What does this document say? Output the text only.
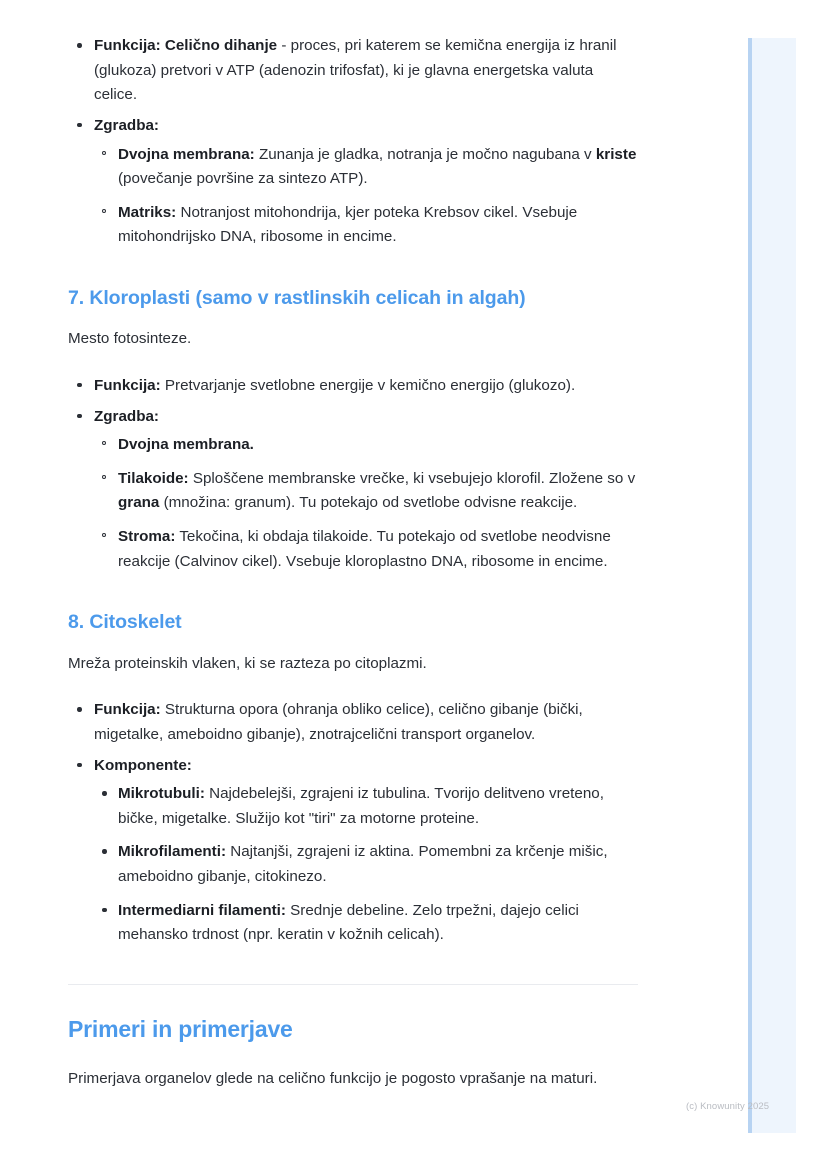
Funkcija: Celično dihanje - proces, pri katerem se kemična energija iz hranil (glukoza) pretvori v ATP (adenozin trifosfat), ki je glavna energetska valuta celice.
Zgradba:
Dvojna membrana: Zunanja je gladka, notranja je močno nagubana v kriste (povečanje površine za sintezo ATP).
Matriks: Notranjost mitohondrija, kjer poteka Krebsov cikel. Vsebuje mitohondrijsko DNA, ribosome in encime.
7. Kloroplasti (samo v rastlinskih celicah in algah)

Mesto fotosinteze.

Funkcija: Pretvarjanje svetlobne energije v kemično energijo (glukozo).
Zgradba:
Dvojna membrana.
Tilakoide: Sploščene membranske vrečke, ki vsebujejo klorofil. Zložene so v grana (množina: granum). Tu potekajo od svetlobe odvisne reakcije.
Stroma: Tekočina, ki obdaja tilakoide. Tu potekajo od svetlobe neodvisne reakcije (Calvinov cikel). Vsebuje kloroplastno DNA, ribosome in encime.
8. Citoskelet

Mreža proteinskih vlaken, ki se razteza po citoplazmi.

Funkcija: Strukturna opora (ohranja obliko celice), celično gibanje (bički, migetalke, ameboidno gibanje), znotrajcelični transport organelov.
Komponente:
Mikrotubuli: Najdebelejši, zgrajeni iz tubulina. Tvorijo delitveno vreteno, bičke, migetalke. Služijo kot "tiri" za motorne proteine.
Mikrofilamenti: Najtanjši, zgrajeni iz aktina. Pomembni za krčenje mišic, ameboidno gibanje, citokinezo.
Intermediarni filamenti: Srednje debeline. Zelo trpežni, dajejo celici mehansko trdnost (npr. keratin v kožnih celicah).
Primeri in primerjave

Primerjava organelov glede na celično funkcijo je pogosto vprašanje na maturi.

(c) Knowunity 2025
